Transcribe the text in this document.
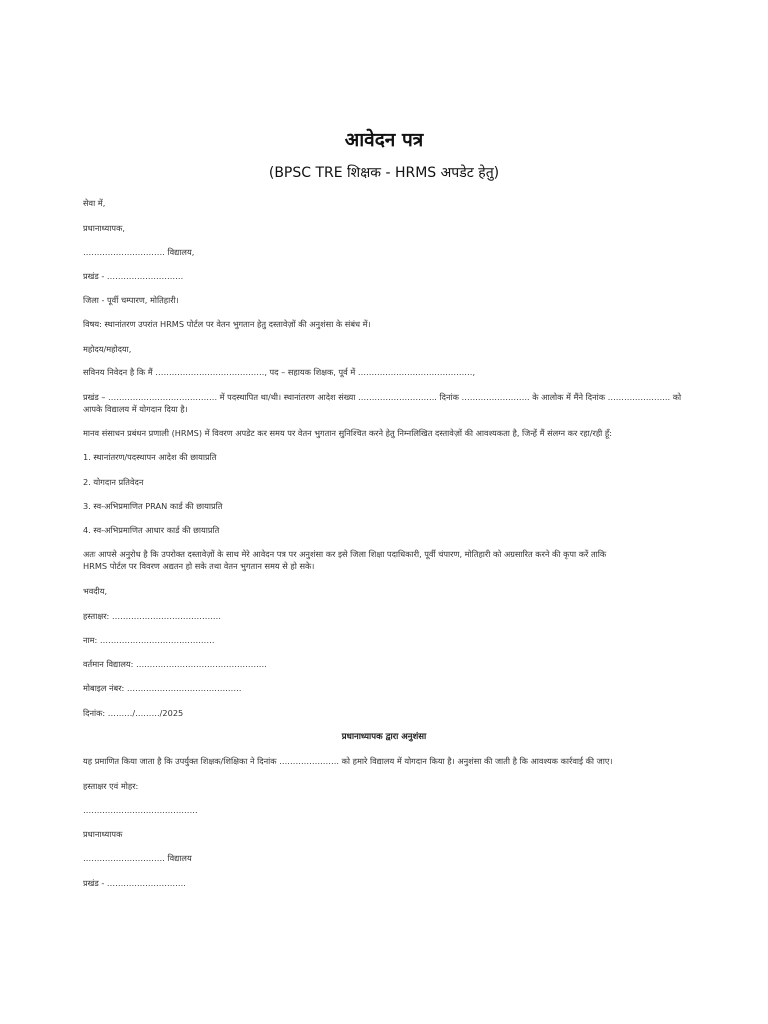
आवेदन पत्र
(BPSC TRE शिक्षक - HRMS अपडेट हेतु)
सेवा में,
प्रधानाध्यापक,
………………………… विद्यालय,
प्रखंड - ……………………….
जिला - पूर्वी चम्पारण, मोतिहारी।
विषय: स्थानांतरण उपरांत HRMS पोर्टल पर वेतन भुगतान हेतु दस्तावेज़ों की अनुशंसा के संबंध में।
महोदय/महोदया,
सविनय निवेदन है कि मैं …………………………………., पद – सहायक शिक्षक, पूर्व में ……………………………………,
प्रखंड – …………………………………. में पदस्थापित था/थी। स्थानांतरण आदेश संख्या ……………………….. दिनांक ……………………. के आलोक में मैंने दिनांक ………………….. को
आपके विद्यालय में योगदान दिया है।
मानव संसाधन प्रबंधन प्रणाली (HRMS) में विवरण अपडेट कर समय पर वेतन भुगतान सुनिश्चित करने हेतु निम्नलिखित दस्तावेज़ों की आवश्यकता है, जिन्हें मैं संलग्न कर रहा/रही हूँ:
1. स्थानांतरण/पदस्थापन आदेश की छायाप्रति
2. योगदान प्रतिवेदन
3. स्व-अभिप्रमाणित PRAN कार्ड की छायाप्रति
4. स्व-अभिप्रमाणित आधार कार्ड की छायाप्रति
अतः आपसे अनुरोध है कि उपरोक्त दस्तावेज़ों के साथ मेरे आवेदन पत्र पर अनुशंसा कर इसे जिला शिक्षा पदाधिकारी, पूर्वी चंपारण, मोतिहारी को अग्रसारित करने की कृपा करें ताकि
HRMS पोर्टल पर विवरण अद्यतन हो सके तथा वेतन भुगतान समय से हो सके।
भवदीय,
हस्ताक्षर: ………………………………….
नाम: ……………………………………
वर्तमान विद्यालय: …………………………………………
मोबाइल नंबर: ……………………………………
दिनांक: ………/………/2025
प्रधानाध्यापक द्वारा अनुशंसा
यह प्रमाणित किया जाता है कि उपर्युक्त शिक्षक/शिक्षिका ने दिनांक …………………. को हमारे विद्यालय में योगदान किया है। अनुशंसा की जाती है कि आवश्यक कार्रवाई की जाए।
हस्ताक्षर एवं मोहर:
……………………………………
प्रधानाध्यापक
………………………… विद्यालय
प्रखंड - ………………………..
